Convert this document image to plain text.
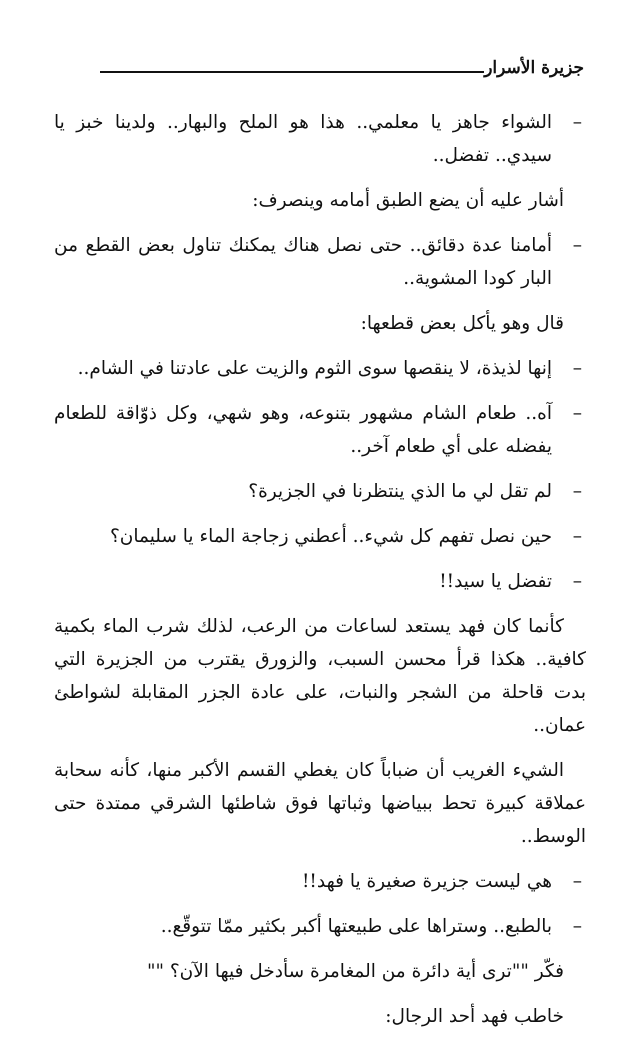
جزيرة الأسرار
–
الشواء جاهز يا معلمي.. هذا هو الملح والبهار.. ولدينا خبز يا سيدي.. تفضل..
أشار عليه أن يضع الطبق أمامه وينصرف:
–
أمامنا عدة دقائق.. حتى نصل هناك يمكنك تناول بعض القطع من البار كودا المشوية..
قال وهو يأكل بعض قطعها:
–
إنها لذيذة، لا ينقصها سوى الثوم والزيت على عادتنا في الشام..
–
آه.. طعام الشام مشهور بتنوعه، وهو شهي، وكل ذوّاقة للطعام يفضله على أي طعام آخر..
–
لم تقل لي ما الذي ينتظرنا في الجزيرة؟
–
حين نصل تفهم كل شيء.. أعطني زجاجة الماء يا سليمان؟
–
تفضل يا سيد!!
كأنما كان فهد يستعد لساعات من الرعب، لذلك شرب الماء بكمية كافية.. هكذا قرأ محسن السبب، والزورق يقترب من الجزيرة التي بدت قاحلة من الشجر والنبات، على عادة الجزر المقابلة لشواطئ عمان..
الشيء الغريب أن ضباباً كان يغطي القسم الأكبر منها، كأنه سحابة عملاقة كبيرة تحط ببياضها وثباتها فوق شاطئها الشرقي ممتدة حتى الوسط..
–
هي ليست جزيرة صغيرة يا فهد!!
–
بالطبع.. وستراها على طبيعتها أكبر بكثير ممّا تتوقّع..
فكّر ""ترى أية دائرة من المغامرة سأدخل فيها الآن؟ ""
خاطب فهد أحد الرجال:
